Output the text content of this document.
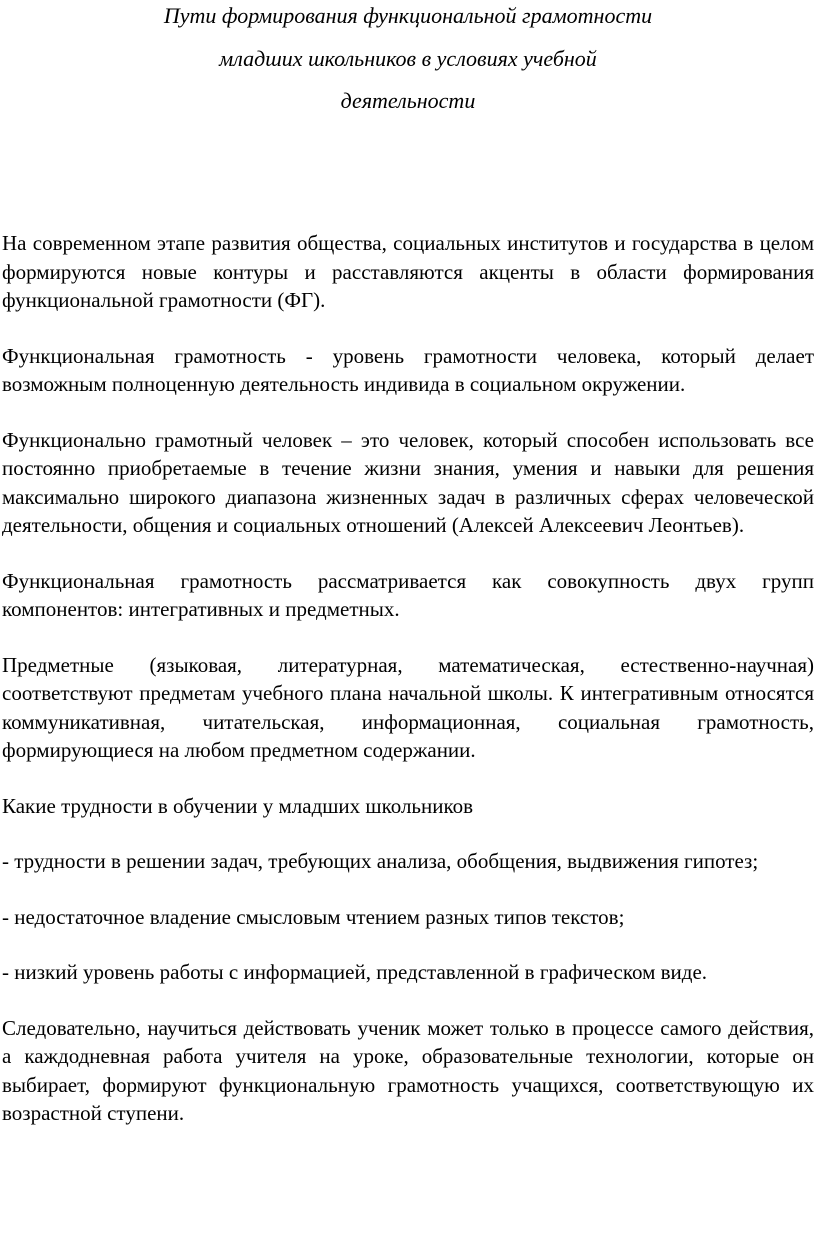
Пути формирования функциональной грамотности

младших школьников в условиях учебной

деятельности

На современном этапе развития общества, социальных институтов и государства в целом формируются новые контуры и расставляются акценты в области формирования функциональной грамотности (ФГ).

Функциональная грамотность - уровень грамотности человека, который делает возможным полноценную деятельность индивида в социальном окружении.

Функционально грамотный человек – это человек, который способен использовать все постоянно приобретаемые в течение жизни знания, умения и навыки для решения максимально широкого диапазона жизненных задач в различных сферах человеческой деятельности, общения и социальных отношений (Алексей Алексеевич Леонтьев).

Функциональная грамотность рассматривается как совокупность двух групп компонентов: интегративных и предметных.

Предметные (языковая, литературная, математическая, естественно-научная) соответствуют предметам учебного плана начальной школы. К интегративным относятся коммуникативная, читательская, информационная, социальная грамотность, формирующиеся на любом предметном содержании.

Какие трудности в обучении у младших школьников

- трудности в решении задач, требующих анализа, обобщения, выдвижения гипотез;

- недостаточное владение смысловым чтением разных типов текстов;

- низкий уровень работы с информацией, представленной в графическом виде.

Следовательно, научиться действовать ученик может только в процессе самого действия, а каждодневная работа учителя на уроке, образовательные технологии, которые он выбирает, формируют функциональную грамотность учащихся, соответствующую их возрастной ступени.
